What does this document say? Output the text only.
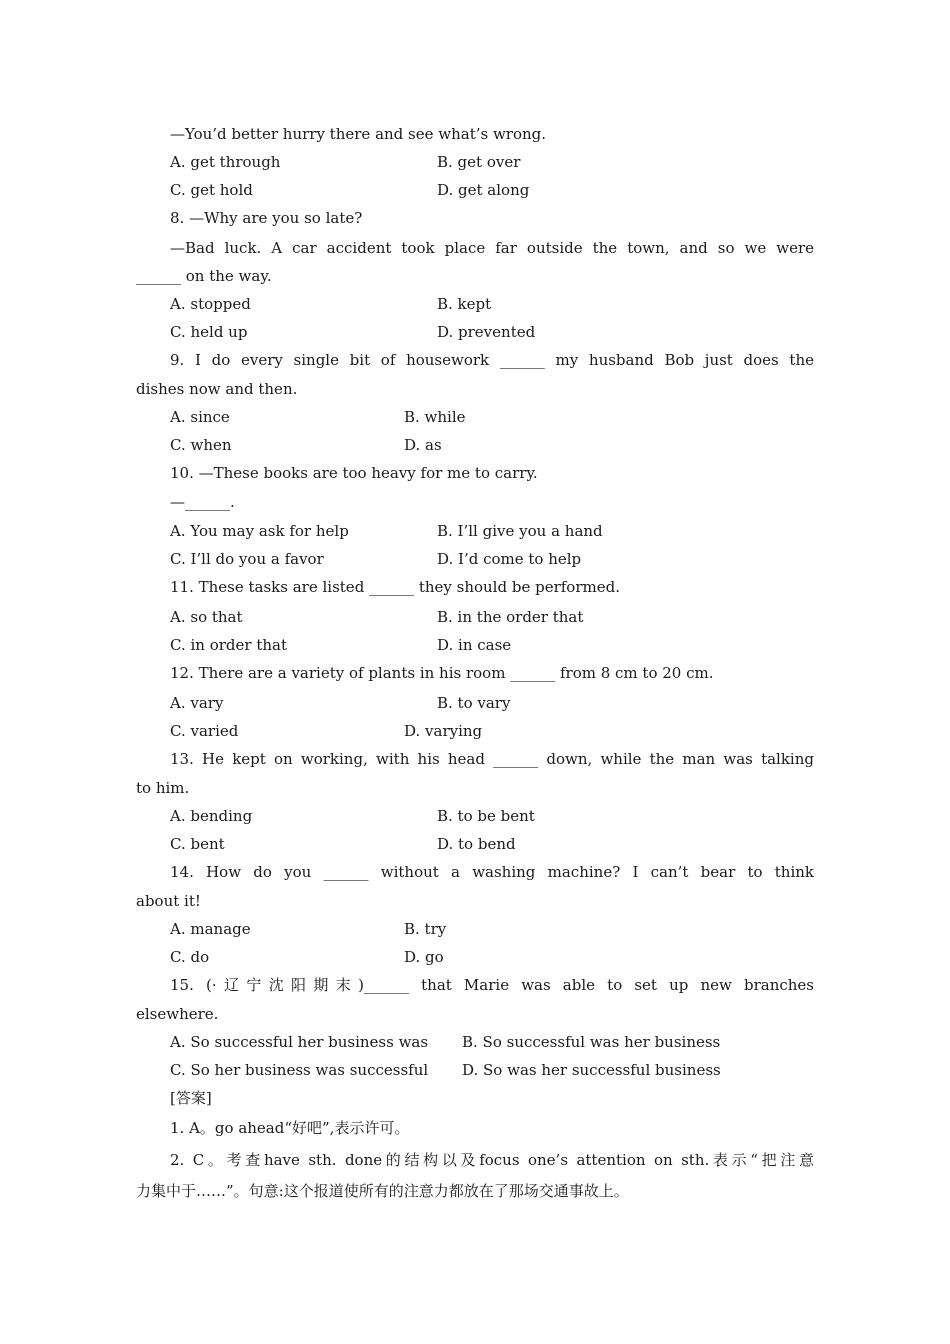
—You’d better hurry there and see what’s wrong.
A. get through	B. get over
C. get hold	D. get along
8. —Why are you so late?
—Bad luck. A car accident took place far outside the town, and so we were
______ on the way.
A. stopped	B. kept
C. held up	D. prevented
9. I do every single bit of housework ______ my husband Bob just does the
dishes now and then.
A. since	B. while
C. when	D. as
10. —These books are too heavy for me to carry.
—______.
A. You may ask for help	B. I’ll give you a hand
C. I’ll do you a favor	D. I’d come to help
11. These tasks are listed ______ they should be performed.
A. so that	B. in the order that
C. in order that	D. in case
12. There are a variety of plants in his room ______ from 8 cm to 20 cm.
A. vary	B. to vary
C. varied	D. varying
13. He kept on working, with his head ______ down, while the man was talking
to him.
A. bending	B. to be bent
C. bent	D. to bend
14. How do you ______ without a washing machine? I can’t bear to think
about it!
A. manage	B. try
C. do	D. go
15. (·辽宁沈阳期末)______ that Marie was able to set up new branches
elsewhere.
A. So successful her business was B. So successful was her business
C. So her business was successful D. So was her successful business
[答案]
1. A。go ahead“好吧”,表示许可。
2. C。考查have sth. done的结构以及focus one’s attention on sth.表示“把注意
力集中于……”。句意:这个报道使所有的注意力都放在了那场交通事故上。
